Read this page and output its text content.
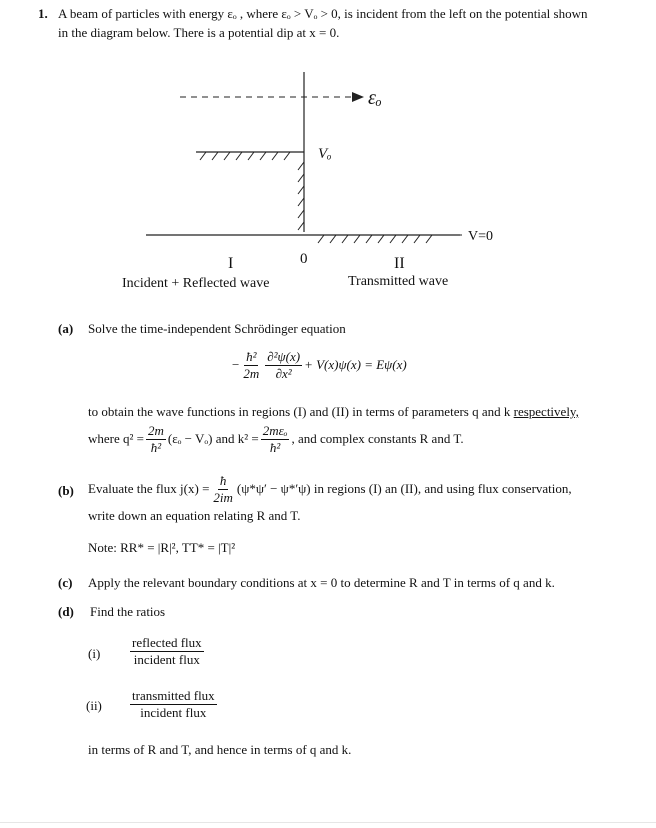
1. A beam of particles with energy εₒ , where εₒ > Vₒ > 0, is incident from the left on the potential shown
in the diagram below. There is a potential dip at x = 0.
εₒ
Vₒ
V=0
0
I	II
Incident + Reflected wave	Transmitted wave
(a) Solve the time-independent Schrödinger equation
− $\frac{\text{ħ²}}{2m} \frac{\text{∂²ψ(x)}}{\text{∂x²}} + V(x)\psi(x) = E\psi(x)$
to obtain the wave functions in regions (I) and (II) in terms of parameters q and k respectively,
where $q^2 = \frac{2m}{\text{ħ²}} (\varepsilon_o - V_o)$ and $k^2 = \frac{\text{2mεₒ}}{\text{ħ²}}$ , and complex constants R and T.
(b) Evaluate the flux $j(x) = \frac{ħ}{2im} (\psi*\psi' - \psi*'\psi)$ in regions (I) an (II), and using flux conservation,
write down an equation relating R and T.
Note: RR* = |R|², TT* = |T|²
(c) Apply the relevant boundary conditions at x = 0 to determine R and T in terms of q and k.
(d) Find the ratios
$(i) \frac{\text{reflected flux}}{\text{incident flux}}$
$(ii) \frac{\text{transmitted flux}}{\text{incident flux}}$
in terms of R and T, and hence in terms of q and k.
